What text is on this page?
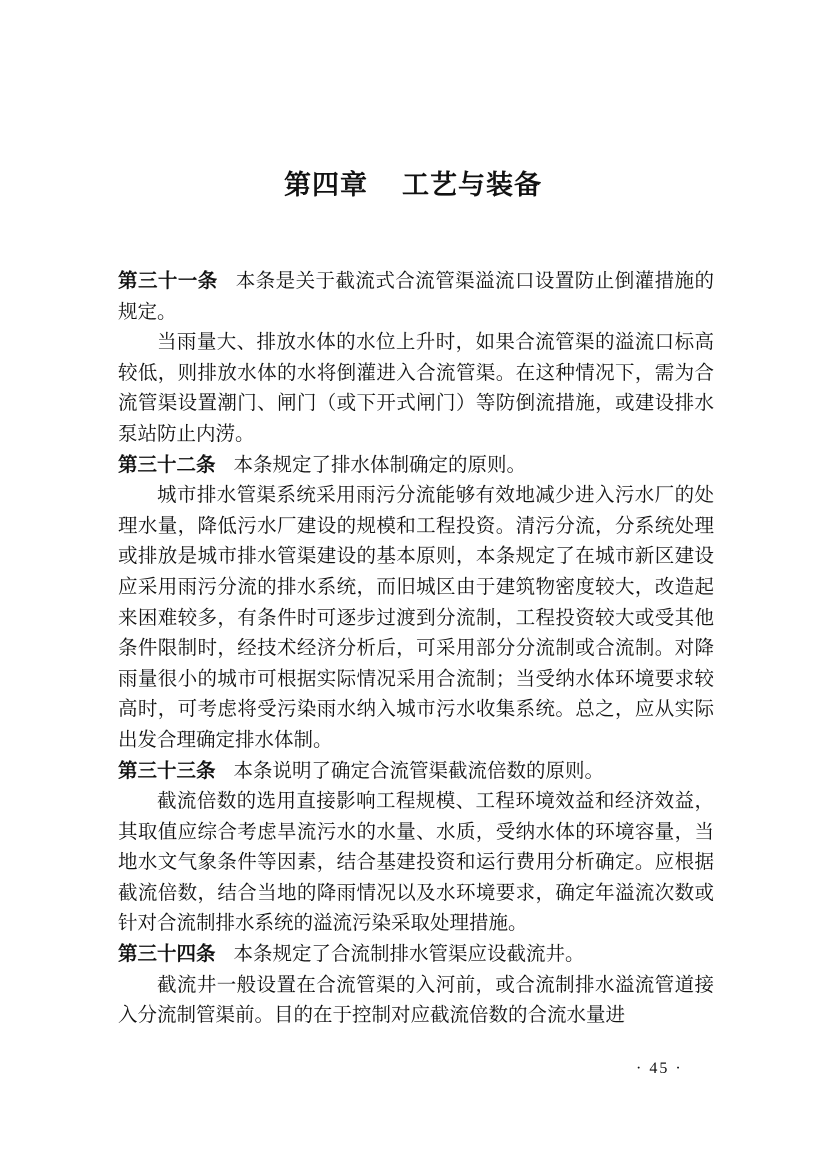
第四章 工艺与装备

第三十一条 本条是关于截流式合流管渠溢流口设置防止倒灌措施的规定。

当雨量大、排放水体的水位上升时，如果合流管渠的溢流口标高较低，则排放水体的水将倒灌进入合流管渠。在这种情况下，需为合流管渠设置潮门、闸门（或下开式闸门）等防倒流措施，或建设排水泵站防止内涝。

第三十二条 本条规定了排水体制确定的原则。

城市排水管渠系统采用雨污分流能够有效地减少进入污水厂的处理水量，降低污水厂建设的规模和工程投资。清污分流，分系统处理或排放是城市排水管渠建设的基本原则，本条规定了在城市新区建设应采用雨污分流的排水系统，而旧城区由于建筑物密度较大，改造起来困难较多，有条件时可逐步过渡到分流制，工程投资较大或受其他条件限制时，经技术经济分析后，可采用部分分流制或合流制。对降雨量很小的城市可根据实际情况采用合流制；当受纳水体环境要求较高时，可考虑将受污染雨水纳入城市污水收集系统。总之，应从实际出发合理确定排水体制。

第三十三条 本条说明了确定合流管渠截流倍数的原则。

截流倍数的选用直接影响工程规模、工程环境效益和经济效益，其取值应综合考虑旱流污水的水量、水质，受纳水体的环境容量，当地水文气象条件等因素，结合基建投资和运行费用分析确定。应根据截流倍数，结合当地的降雨情况以及水环境要求，确定年溢流次数或针对合流制排水系统的溢流污染采取处理措施。

第三十四条 本条规定了合流制排水管渠应设截流井。

截流井一般设置在合流管渠的入河前，或合流制排水溢流管道接入分流制管渠前。目的在于控制对应截流倍数的合流水量进

· 45 ·
